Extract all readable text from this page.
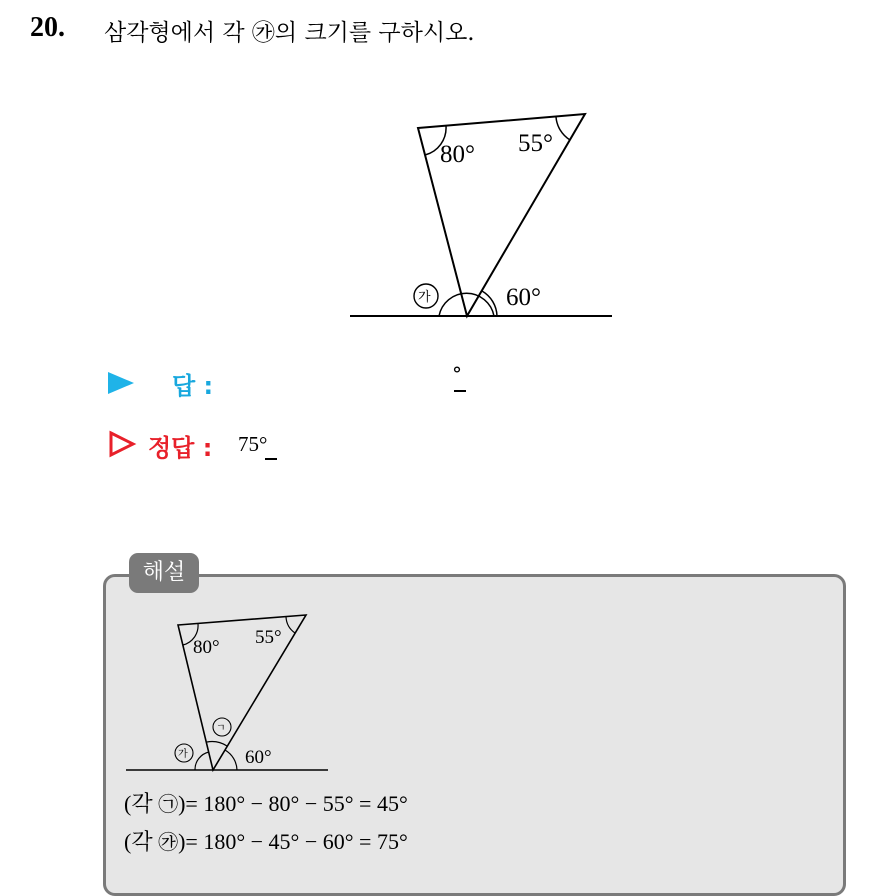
20. 삼각형에서 각 ㉮의 크기를 구하시오.
80° 55°
60°
가
답 :	°
정답 : 75°
해설
80° 55°
60°
ㄱ
가
(각 ㉠)= 180° − 80° − 55° = 45°
(각 ㉮)= 180° − 45° − 60° = 75°
